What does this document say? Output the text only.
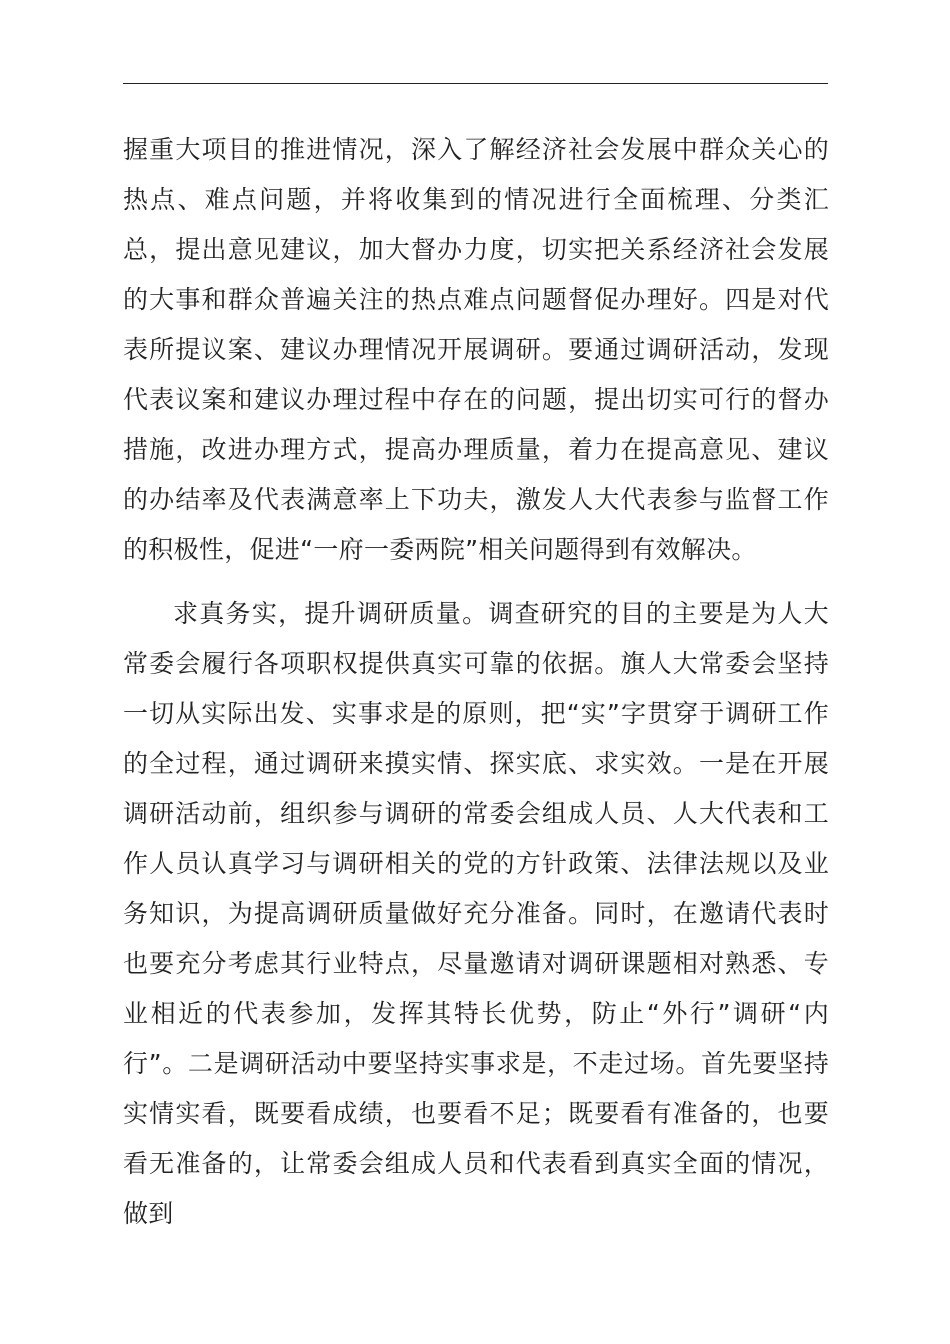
握重大项目的推进情况，深入了解经济社会发展中群众关心的热点、难点问题，并将收集到的情况进行全面梳理、分类汇总，提出意见建议，加大督办力度，切实把关系经济社会发展的大事和群众普遍关注的热点难点问题督促办理好。四是对代表所提议案、建议办理情况开展调研。要通过调研活动，发现代表议案和建议办理过程中存在的问题，提出切实可行的督办措施，改进办理方式，提高办理质量，着力在提高意见、建议的办结率及代表满意率上下功夫，激发人大代表参与监督工作的积极性，促进“一府一委两院”相关问题得到有效解决。

求真务实，提升调研质量。调查研究的目的主要是为人大常委会履行各项职权提供真实可靠的依据。旗人大常委会坚持一切从实际出发、实事求是的原则，把“实”字贯穿于调研工作的全过程，通过调研来摸实情、探实底、求实效。一是在开展调研活动前，组织参与调研的常委会组成人员、人大代表和工作人员认真学习与调研相关的党的方针政策、法律法规以及业务知识，为提高调研质量做好充分准备。同时，在邀请代表时也要充分考虑其行业特点，尽量邀请对调研课题相对熟悉、专业相近的代表参加，发挥其特长优势，防止“外行”调研“内行”。二是调研活动中要坚持实事求是，不走过场。首先要坚持实情实看，既要看成绩，也要看不足；既要看有准备的，也要看无准备的，让常委会组成人员和代表看到真实全面的情况，做到
